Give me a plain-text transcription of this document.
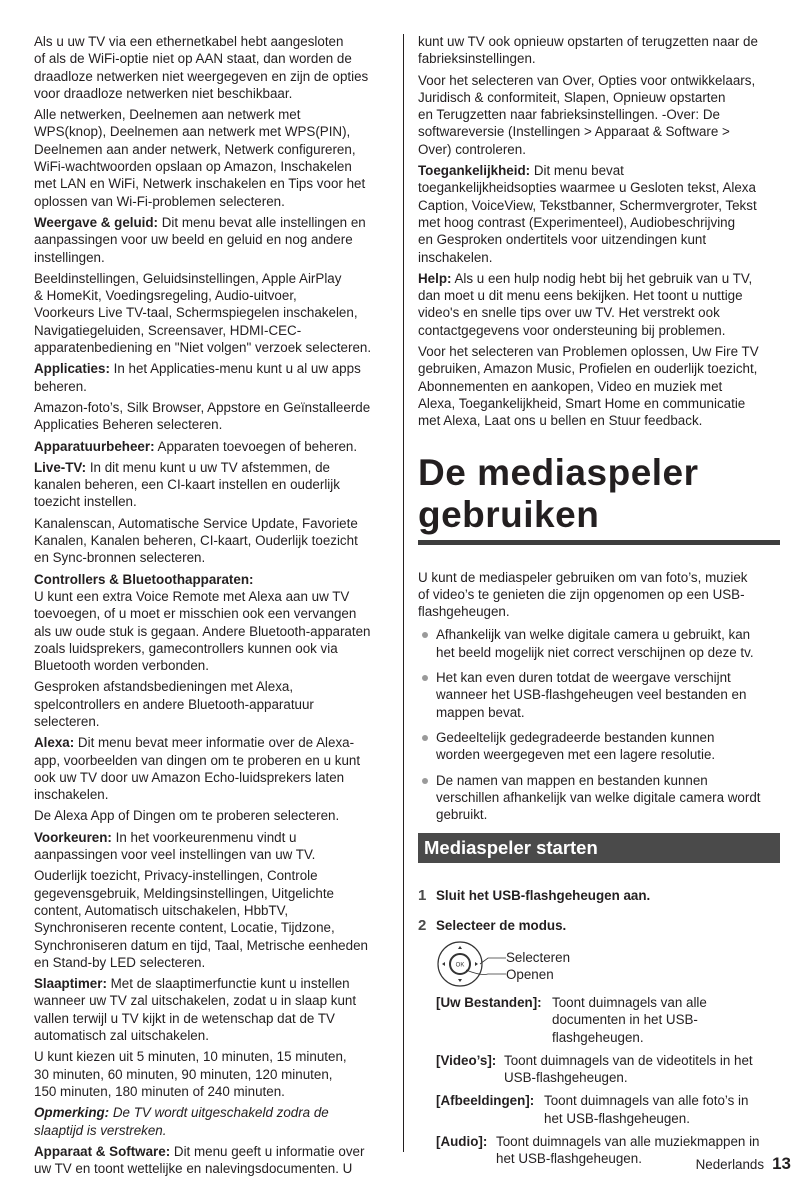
Als u uw TV via een ethernetkabel hebt aangesloten
of als de WiFi-optie niet op AAN staat, dan worden de
draadloze netwerken niet weergegeven en zijn de opties
voor draadloze netwerken niet beschikbaar.

Alle netwerken, Deelnemen aan netwerk met
WPS(knop), Deelnemen aan netwerk met WPS(PIN),
Deelnemen aan ander netwerk, Netwerk configureren,
WiFi-wachtwoorden opslaan op Amazon, Inschakelen
met LAN en WiFi, Netwerk inschakelen en Tips voor het
oplossen van Wi-Fi-problemen selecteren.

Weergave & geluid: Dit menu bevat alle instellingen en
aanpassingen voor uw beeld en geluid en nog andere
instellingen.

Beeldinstellingen, Geluidsinstellingen, Apple AirPlay
& HomeKit, Voedingsregeling, Audio-uitvoer,
Voorkeurs Live TV-taal, Schermspiegelen inschakelen,
Navigatiegeluiden, Screensaver, HDMI-CEC-
apparatenbediening en "Niet volgen" verzoek selecteren.

Applicaties: In het Applicaties-menu kunt u al uw apps
beheren.

Amazon-foto’s, Silk Browser, Appstore en Geïnstalleerde
Applicaties Beheren selecteren.

Apparatuurbeheer: Apparaten toevoegen of beheren.

Live-TV: In dit menu kunt u uw TV afstemmen, de
kanalen beheren, een CI-kaart instellen en ouderlijk
toezicht instellen.

Kanalenscan, Automatische Service Update, Favoriete
Kanalen, Kanalen beheren, CI-kaart, Ouderlijk toezicht
en Sync-bronnen selecteren.

Controllers & Bluetoothapparaten:
U kunt een extra Voice Remote met Alexa aan uw TV
toevoegen, of u moet er misschien ook een vervangen
als uw oude stuk is gegaan. Andere Bluetooth-apparaten
zoals luidsprekers, gamecontrollers kunnen ook via
Bluetooth worden verbonden.

Gesproken afstandsbedieningen met Alexa,
spelcontrollers en andere Bluetooth-apparatuur
selecteren.

Alexa: Dit menu bevat meer informatie over de Alexa-
app, voorbeelden van dingen om te proberen en u kunt
ook uw TV door uw Amazon Echo-luidsprekers laten
inschakelen.

De Alexa App of Dingen om te proberen selecteren.

Voorkeuren: In het voorkeurenmenu vindt u
aanpassingen voor veel instellingen van uw TV.

Ouderlijk toezicht, Privacy-instellingen, Controle
gegevensgebruik, Meldingsinstellingen, Uitgelichte
content, Automatisch uitschakelen, HbbTV,
Synchroniseren recente content, Locatie, Tijdzone,
Synchroniseren datum en tijd, Taal, Metrische eenheden
en Stand-by LED selecteren.

Slaaptimer: Met de slaaptimerfunctie kunt u instellen
wanneer uw TV zal uitschakelen, zodat u in slaap kunt
vallen terwijl u TV kijkt in de wetenschap dat de TV
automatisch zal uitschakelen.

U kunt kiezen uit 5 minuten, 10 minuten, 15 minuten,
30 minuten, 60 minuten, 90 minuten, 120 minuten,
150 minuten, 180 minuten of 240 minuten.

Opmerking: De TV wordt uitgeschakeld zodra de
slaaptijd is verstreken.

Apparaat & Software: Dit menu geeft u informatie over
uw TV en toont wettelijke en nalevingsdocumenten. U

kunt uw TV ook opnieuw opstarten of terugzetten naar de
fabrieksinstellingen.

Voor het selecteren van Over, Opties voor ontwikkelaars,
Juridisch & conformiteit, Slapen, Opnieuw opstarten
en Terugzetten naar fabrieksinstellingen. -Over: De
softwareversie (Instellingen > Apparaat & Software >
Over) controleren.

Toegankelijkheid: Dit menu bevat
toegankelijkheidsopties waarmee u Gesloten tekst, Alexa
Caption, VoiceView, Tekstbanner, Schermvergroter, Tekst
met hoog contrast (Experimenteel), Audiobeschrijving
en Gesproken ondertitels voor uitzendingen kunt
inschakelen.

Help: Als u een hulp nodig hebt bij het gebruik van u TV,
dan moet u dit menu eens bekijken. Het toont u nuttige
video's en snelle tips over uw TV. Het verstrekt ook
contactgegevens voor ondersteuning bij problemen.

Voor het selecteren van Problemen oplossen, Uw Fire TV
gebruiken, Amazon Music, Profielen en ouderlijk toezicht,
Abonnementen en aankopen, Video en muziek met
Alexa, Toegankelijkheid, Smart Home en communicatie
met Alexa, Laat ons u bellen en Stuur feedback.

De mediaspeler
gebruiken

U kunt de mediaspeler gebruiken om van foto’s, muziek
of video’s te genieten die zijn opgenomen op een USB-
flashgeheugen.

Afhankelijk van welke digitale camera u gebruikt, kan
het beeld mogelijk niet correct verschijnen op deze tv.
Het kan even duren totdat de weergave verschijnt
wanneer het USB-flashgeheugen veel bestanden en
mappen bevat.
Gedeeltelijk gedegradeerde bestanden kunnen
worden weergegeven met een lagere resolutie.
De namen van mappen en bestanden kunnen
verschillen afhankelijk van welke digitale camera wordt
gebruikt.
Mediaspeler starten
1 Sluit het USB-flashgeheugen aan.
2 Selecteer de modus.
OK
Selecteren
Openen
[Uw Bestanden]: Toont duimnagels van alle
documenten in het USB-
flashgeheugen.
[Video’s]: Toont duimnagels van de videotitels in het
USB-flashgeheugen.
[Afbeeldingen]: Toont duimnagels van alle foto’s in
het USB-flashgeheugen.
[Audio]: Toont duimnagels van alle muziekmappen in
het USB-flashgeheugen.	Nederlands 13
